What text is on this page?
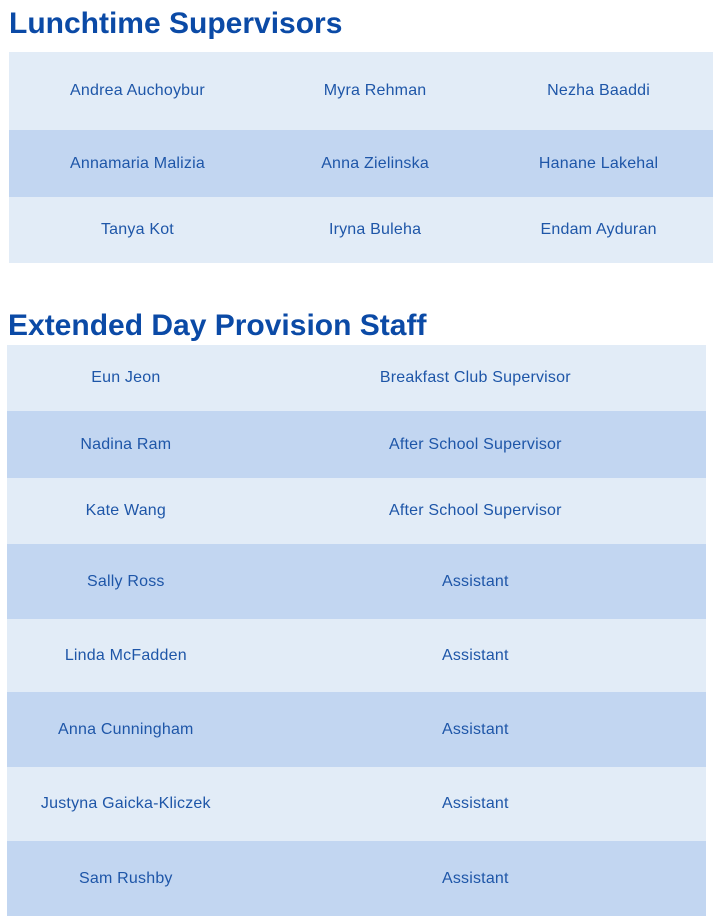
Lunchtime Supervisors
Andrea Auchoybur	Myra Rehman	Nezha Baaddi
Annamaria Malizia	Anna Zielinska	Hanane Lakehal
Tanya Kot	Iryna Buleha	Endam Ayduran
Extended Day Provision Staff
Eun Jeon	Breakfast Club Supervisor
Nadina Ram	After School Supervisor
Kate Wang	After School Supervisor
Sally Ross	Assistant
Linda McFadden	Assistant
Anna Cunningham	Assistant
Justyna Gaicka-Kliczek	Assistant
Sam Rushby	Assistant
